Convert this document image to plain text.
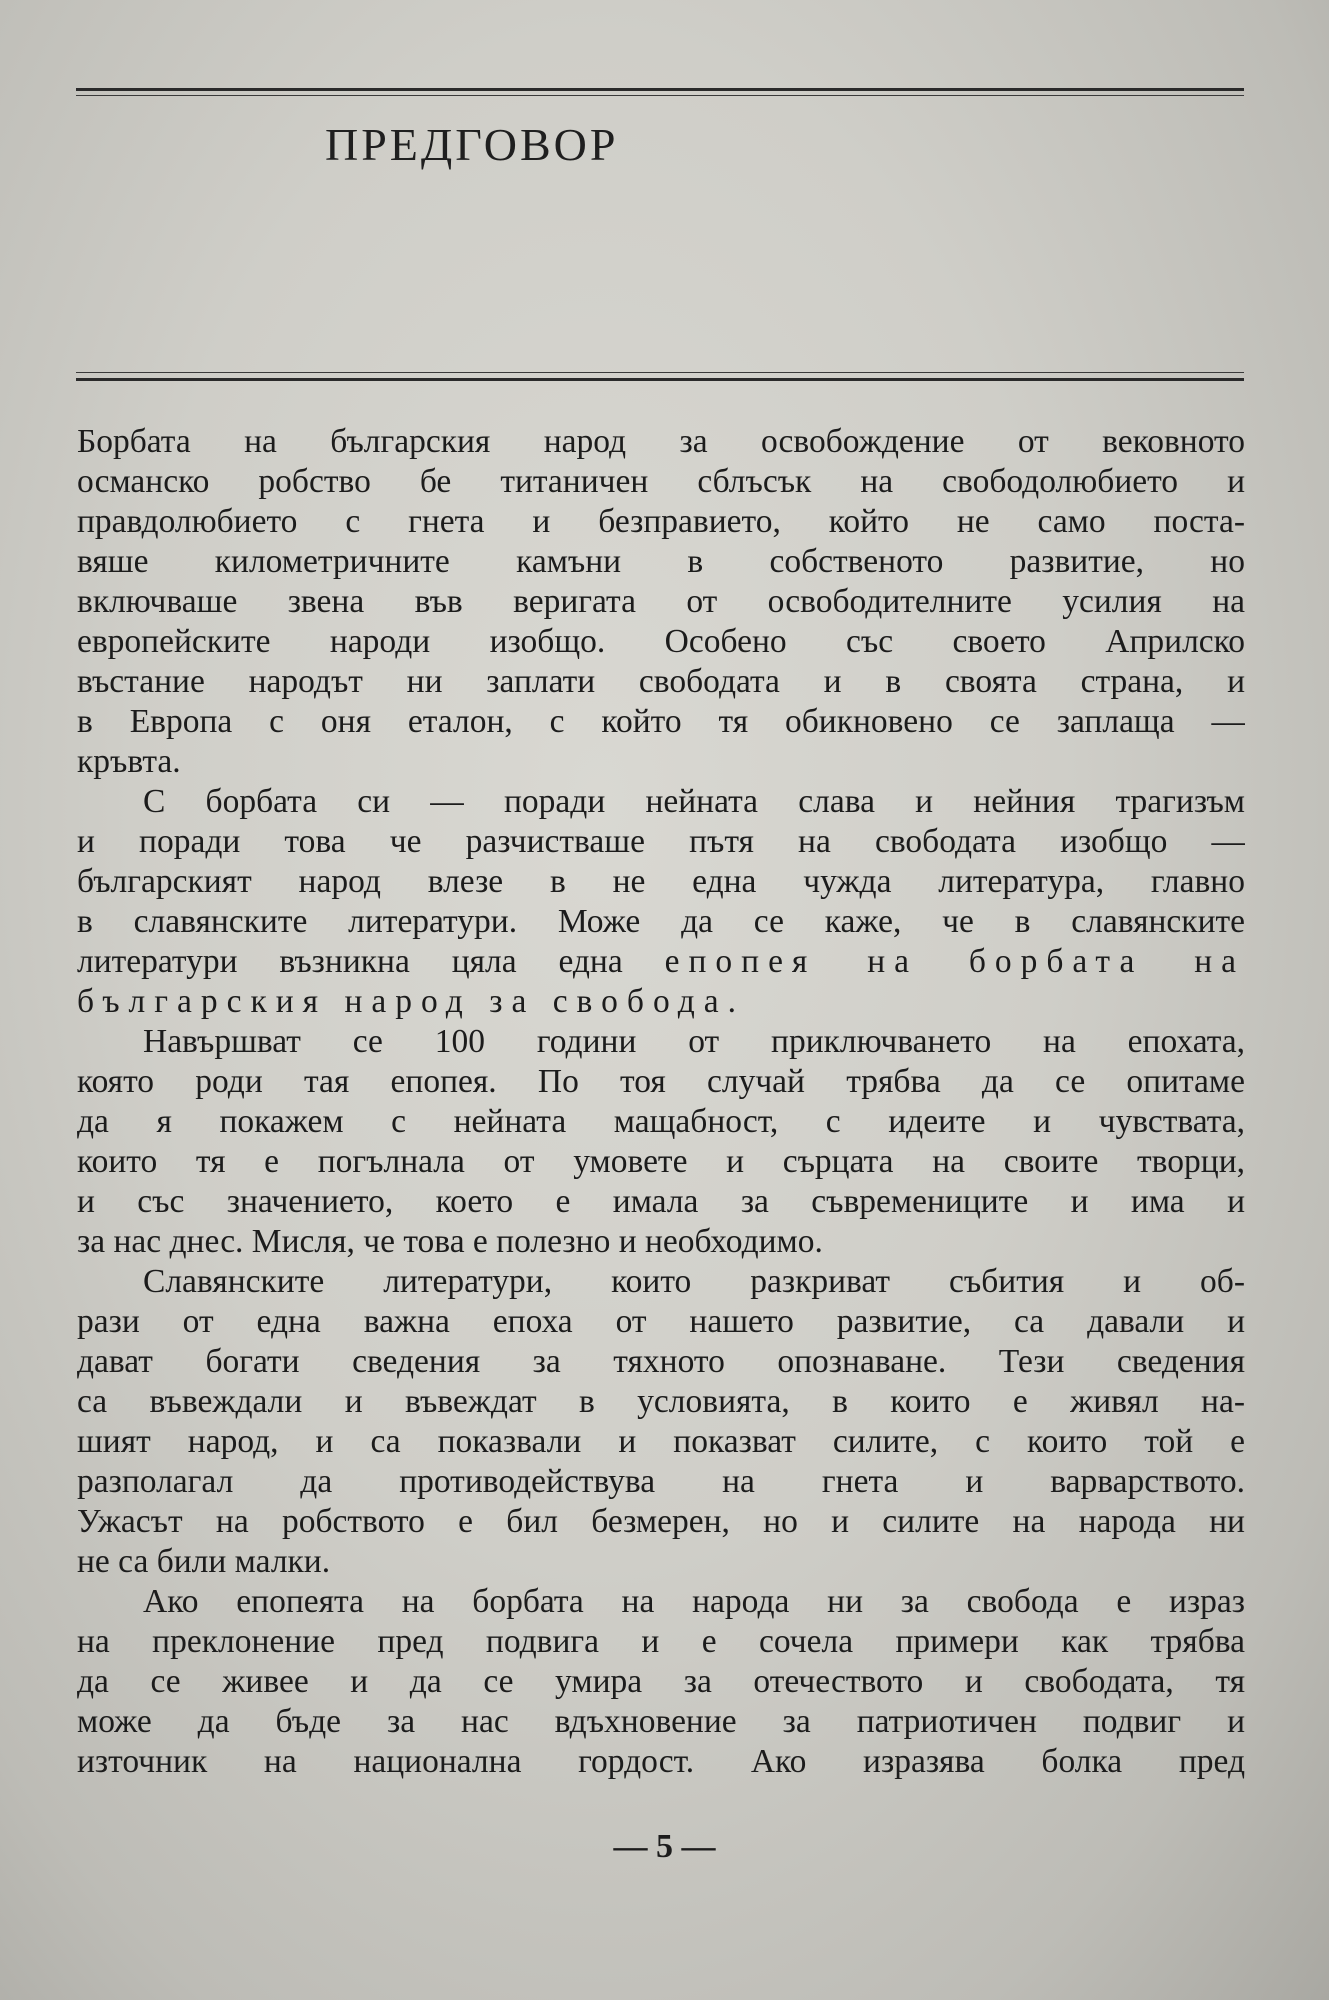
ПРЕДГОВОР
Борбата на българския народ за освобождение от вековното
османско робство бе титаничен сблъсък на свободолюбието и
правдолюбието с гнета и безправието, който не само поста-
вяше километричните камъни в собственото развитие, но
включваше звена във веригата от освободителните усилия на
европейските народи изобщо. Особено със своето Априлско
въстание народът ни заплати свободата и в своята страна, и
в Европа с оня еталон, с който тя обикновено се заплаща —
кръвта.
С борбата си — поради нейната слава и нейния трагизъм
и поради това че разчистваше пътя на свободата изобщо —
българският народ влезе в не една чужда литература, главно
в славянските литератури. Може да се каже, че в славянските
литератури възникна цяла една епопея на борбата на
българския народ за свобода.
Навършват се 100 години от приключването на епохата,
която роди тая епопея. По тоя случай трябва да се опитаме
да я покажем с нейната мащабност, с идеите и чувствата,
които тя е погълнала от умовете и сърцата на своите творци,
и със значението, което е имала за съвремениците и има и
за нас днес. Мисля, че това е полезно и необходимо.
Славянските литератури, които разкриват събития и об-
рази от една важна епоха от нашето развитие, са давали и
дават богати сведения за тяхното опознаване. Тези сведения
са въвеждали и въвеждат в условията, в които е живял на-
шият народ, и са показвали и показват силите, с които той е
разполагал да противодействува на гнета и варварството.
Ужасът на робството е бил безмерен, но и силите на народа ни
не са били малки.
Ако епопеята на борбата на народа ни за свобода е израз
на преклонение пред подвига и е сочела примери как трябва
да се живее и да се умира за отечеството и свободата, тя
може да бъде за нас вдъхновение за патриотичен подвиг и
източник на национална гордост. Ако изразява болка пред

— 5 —
